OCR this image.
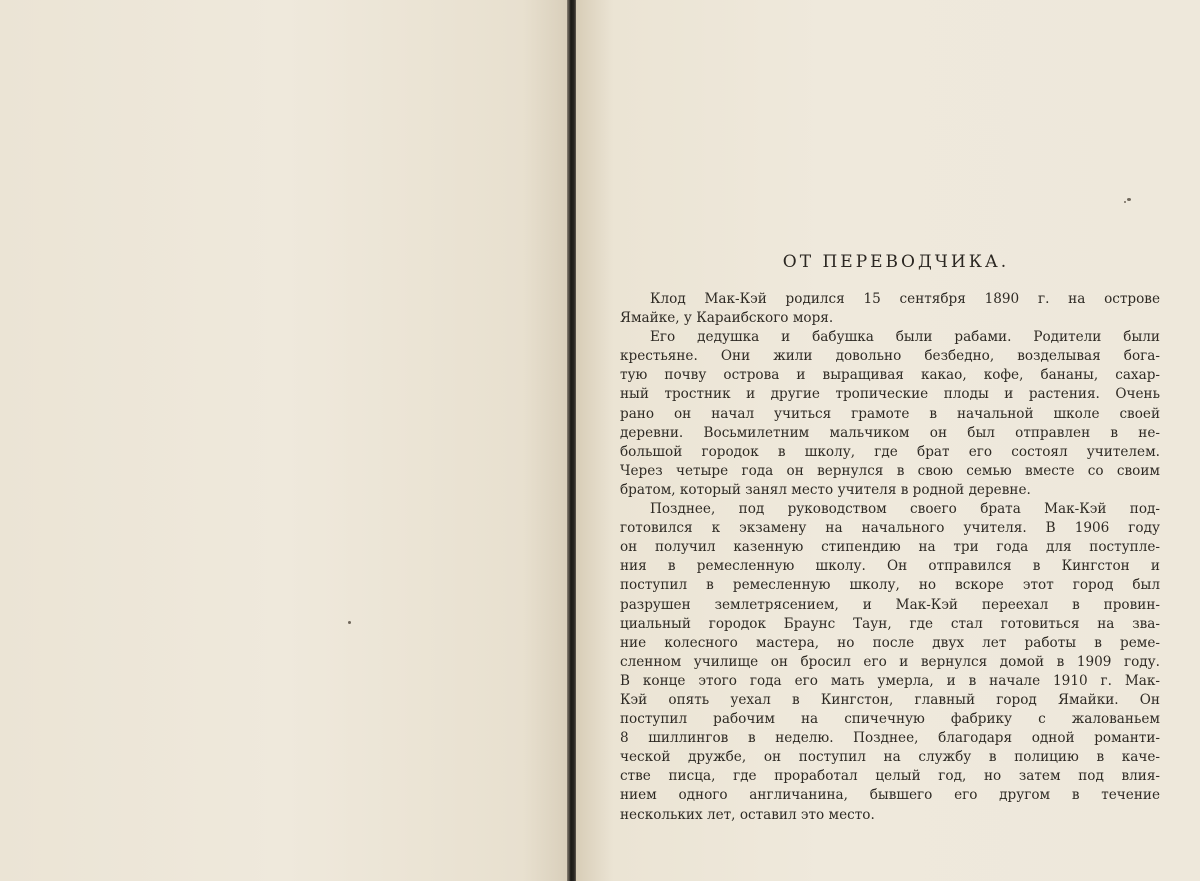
ОТ ПЕРЕВОДЧИКА.
Клод Мак-Кэй родился 15 сентября 1890 г. на острове
Ямайке, у Караибского моря.
Его дедушка и бабушка были рабами. Родители были
крестьяне. Они жили довольно безбедно, возделывая бога-
тую почву острова и выращивая какао, кофе, бананы, сахар-
ный тростник и другие тропические плоды и растения. Очень
рано он начал учиться грамоте в начальной школе своей
деревни. Восьмилетним мальчиком он был отправлен в не-
большой городок в школу, где брат его состоял учителем.
Через четыре года он вернулся в свою семью вместе со своим
братом, который занял место учителя в родной деревне.
Позднее, под руководством своего брата Мак-Кэй под-
готовился к экзамену на начального учителя. В 1906 году
он получил казенную стипендию на три года для поступле-
ния в ремесленную школу. Он отправился в Кингстон и
поступил в ремесленную школу, но вскоре этот город был
разрушен землетрясением, и Мак-Кэй переехал в провин-
циальный городок Браунс Таун, где стал готовиться на зва-
ние колесного мастера, но после двух лет работы в реме-
сленном училище он бросил его и вернулся домой в 1909 году.
В конце этого года его мать умерла, и в начале 1910 г. Мак-
Кэй опять уехал в Кингстон, главный город Ямайки. Он
поступил рабочим на спичечную фабрику с жалованьем
8 шиллингов в неделю. Позднее, благодаря одной романти-
ческой дружбе, он поступил на службу в полицию в каче-
стве писца, где проработал целый год, но затем под влия-
нием одного англичанина, бывшего его другом в течение
нескольких лет, оставил это место.
